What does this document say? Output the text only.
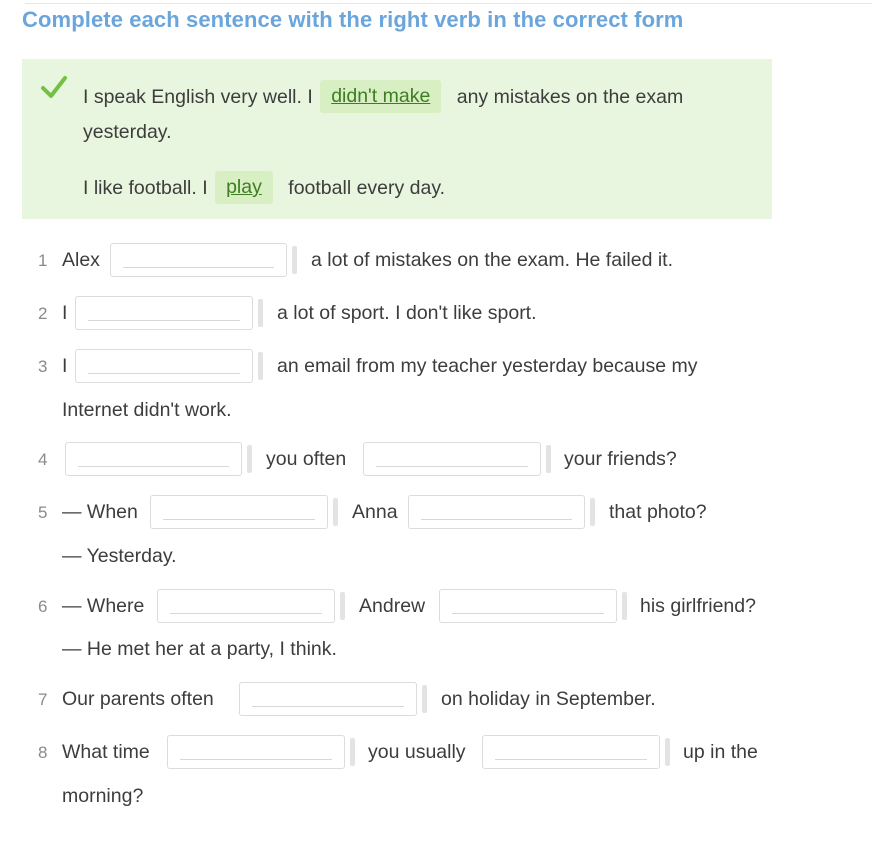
Complete each sentence with the right verb in the correct form
I speak English very well. I didn't make any mistakes on the exam
yesterday.
I like football. I play football every day.
1 Alex	a lot of mistakes on the exam. He failed it.
2 I	a lot of sport. I don't like sport.
3 I	an email from my teacher yesterday because my
Internet didn't work.
4	you often	your friends?
5 — When	Anna	that photo?
— Yesterday.
6 — Where	Andrew	his girlfriend?
— He met her at a party, I think.
7 Our parents often	on holiday in September.
8 What time	you usually	up in the
morning?
